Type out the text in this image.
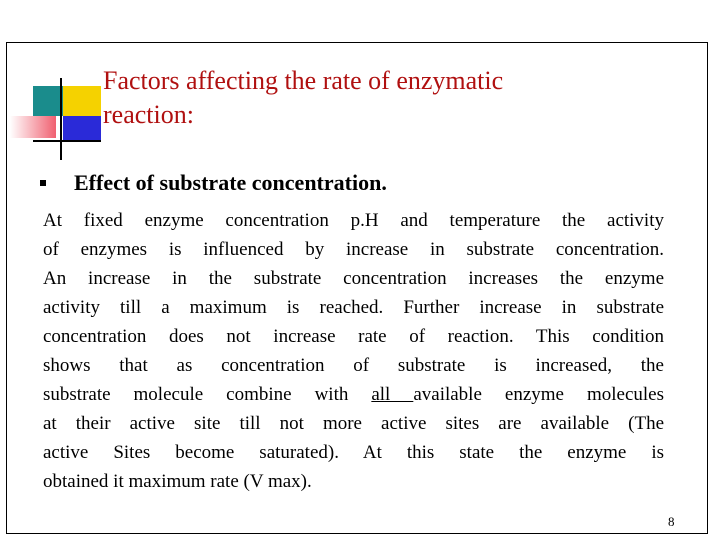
Factors affecting the rate of enzymatic
reaction:
Effect of substrate concentration.
At fixed enzyme concentration p.H and temperature the activity
of enzymes is influenced by increase in substrate concentration.
An increase in the substrate concentration increases the enzyme
activity till a maximum is reached. Further increase in substrate
concentration does not increase rate of reaction. This condition
shows that as concentration of substrate is increased, the
substrate molecule combine with all available enzyme molecules
at their active site till not more active sites are available (The
active Sites become saturated). At this state the enzyme is
obtained it maximum rate (V max).
8
